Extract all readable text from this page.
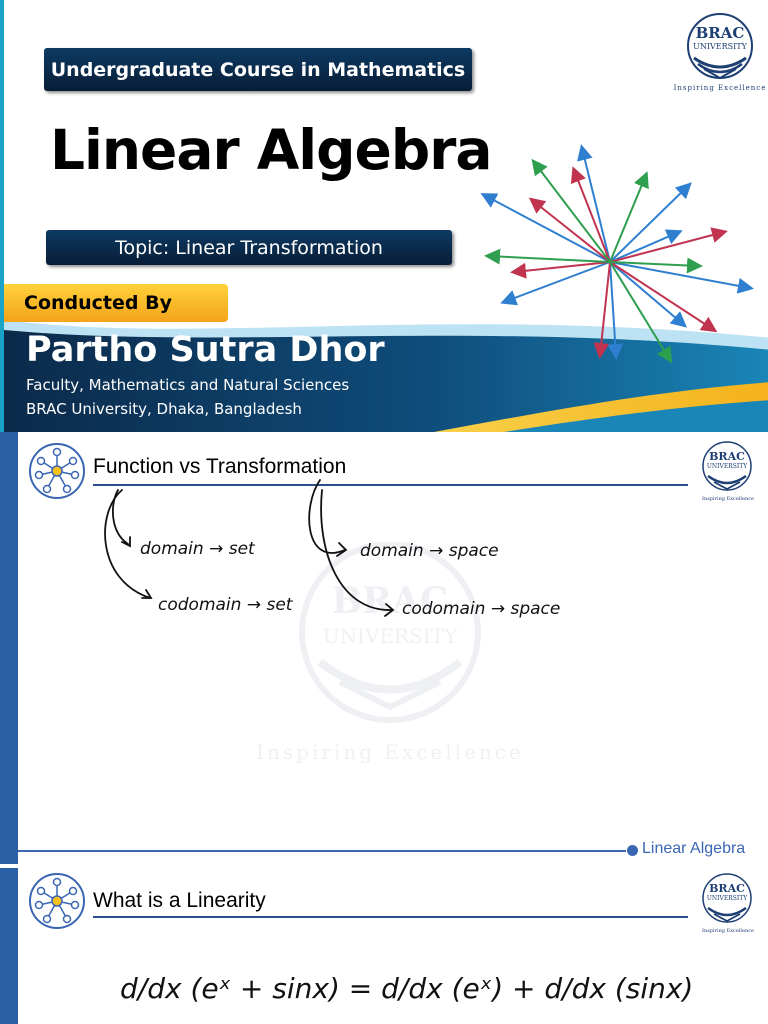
Undergraduate Course in Mathematics
BRAC
UNIVERSITY
Inspiring Excellence
Linear Algebra
Topic: Linear Transformation
Conducted By
Partho Sutra Dhor
Faculty, Mathematics and Natural Sciences
BRAC University, Dhaka, Bangladesh
Function vs Transformation	BRAC
UNIVERSITY
Inspiring Excellence
BRAC
UNIVERSITY
Inspiring Excellence
domain → set
codomain → set
domain → space
codomain → space
Linear Algebra
What is a Linearity
BRAC
UNIVERSITY
Inspiring Excellence
d/dx (eˣ + sinx) = d/dx (eˣ) + d/dx (sinx)
